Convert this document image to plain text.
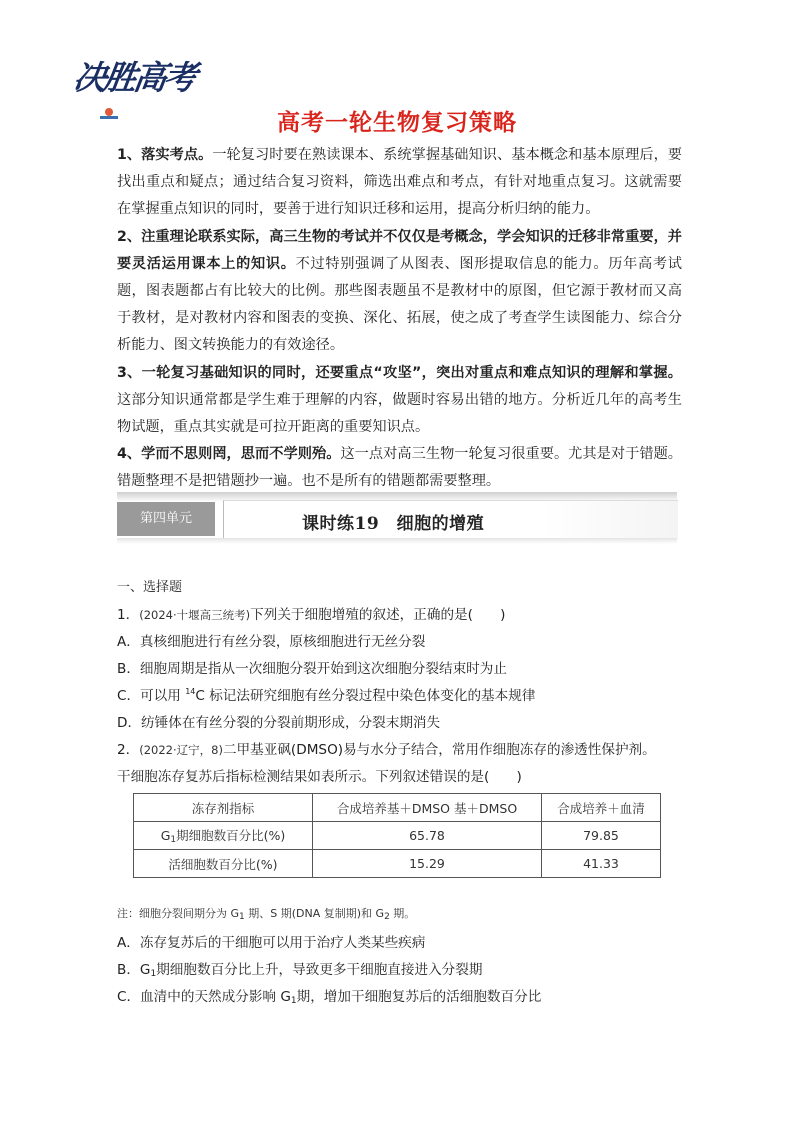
决胜高考
高考一轮生物复习策略

1、落实考点。一轮复习时要在熟读课本、系统掌握基础知识、基本概念和基本原理后，要找出重点和疑点；通过结合复习资料，筛选出难点和考点，有针对地重点复习。这就需要在掌握重点知识的同时，要善于进行知识迁移和运用，提高分析归纳的能力。

2、注重理论联系实际，高三生物的考试并不仅仅是考概念，学会知识的迁移非常重要，并要灵活运用课本上的知识。不过特别强调了从图表、图形提取信息的能力。历年高考试题，图表题都占有比较大的比例。那些图表题虽不是教材中的原图，但它源于教材而又高于教材，是对教材内容和图表的变换、深化、拓展，使之成了考查学生读图能力、综合分析能力、图文转换能力的有效途径。

3、一轮复习基础知识的同时，还要重点“攻坚”，突出对重点和难点知识的理解和掌握。这部分知识通常都是学生难于理解的内容，做题时容易出错的地方。分析近几年的高考生物试题，重点其实就是可拉开距离的重要知识点。

4、学而不思则罔，思而不学则殆。这一点对高三生物一轮复习很重要。尤其是对于错题。错题整理不是把错题抄一遍。也不是所有的错题都需要整理。

第四单元	课时练19　细胞的增殖
一、选择题
1．(2024·十堰高三统考)下列关于细胞增殖的叙述，正确的是(　　)
A．真核细胞进行有丝分裂，原核细胞进行无丝分裂
B．细胞周期是指从一次细胞分裂开始到这次细胞分裂结束时为止
C．可以用 $^{14}$C 标记法研究细胞有丝分裂过程中染色体变化的基本规律
D．纺锤体在有丝分裂的分裂前期形成，分裂末期消失
2．(2022·辽宁，8)二甲基亚砜(DMSO)易与水分子结合，常用作细胞冻存的渗透性保护剂。
干细胞冻存复苏后指标检测结果如表所示。下列叙述错误的是(　　)
注：细胞分裂间期分为 $G_1$ 期、S 期(DNA 复制期)和 $G_2$ 期。
A．冻存复苏后的干细胞可以用于治疗人类某些疾病
B．$G_1$期细胞数百分比上升，导致更多干细胞直接进入分裂期
C．血清中的天然成分影响 $G_1$期，增加干细胞复苏后的活细胞数百分比
冻存剂指标	合成培养基＋DMSO 基＋DMSO	合成培养＋血清
$G_1$期细胞数百分比(%)	65.78	79.85
活细胞数百分比(%)	15.29	41.33
